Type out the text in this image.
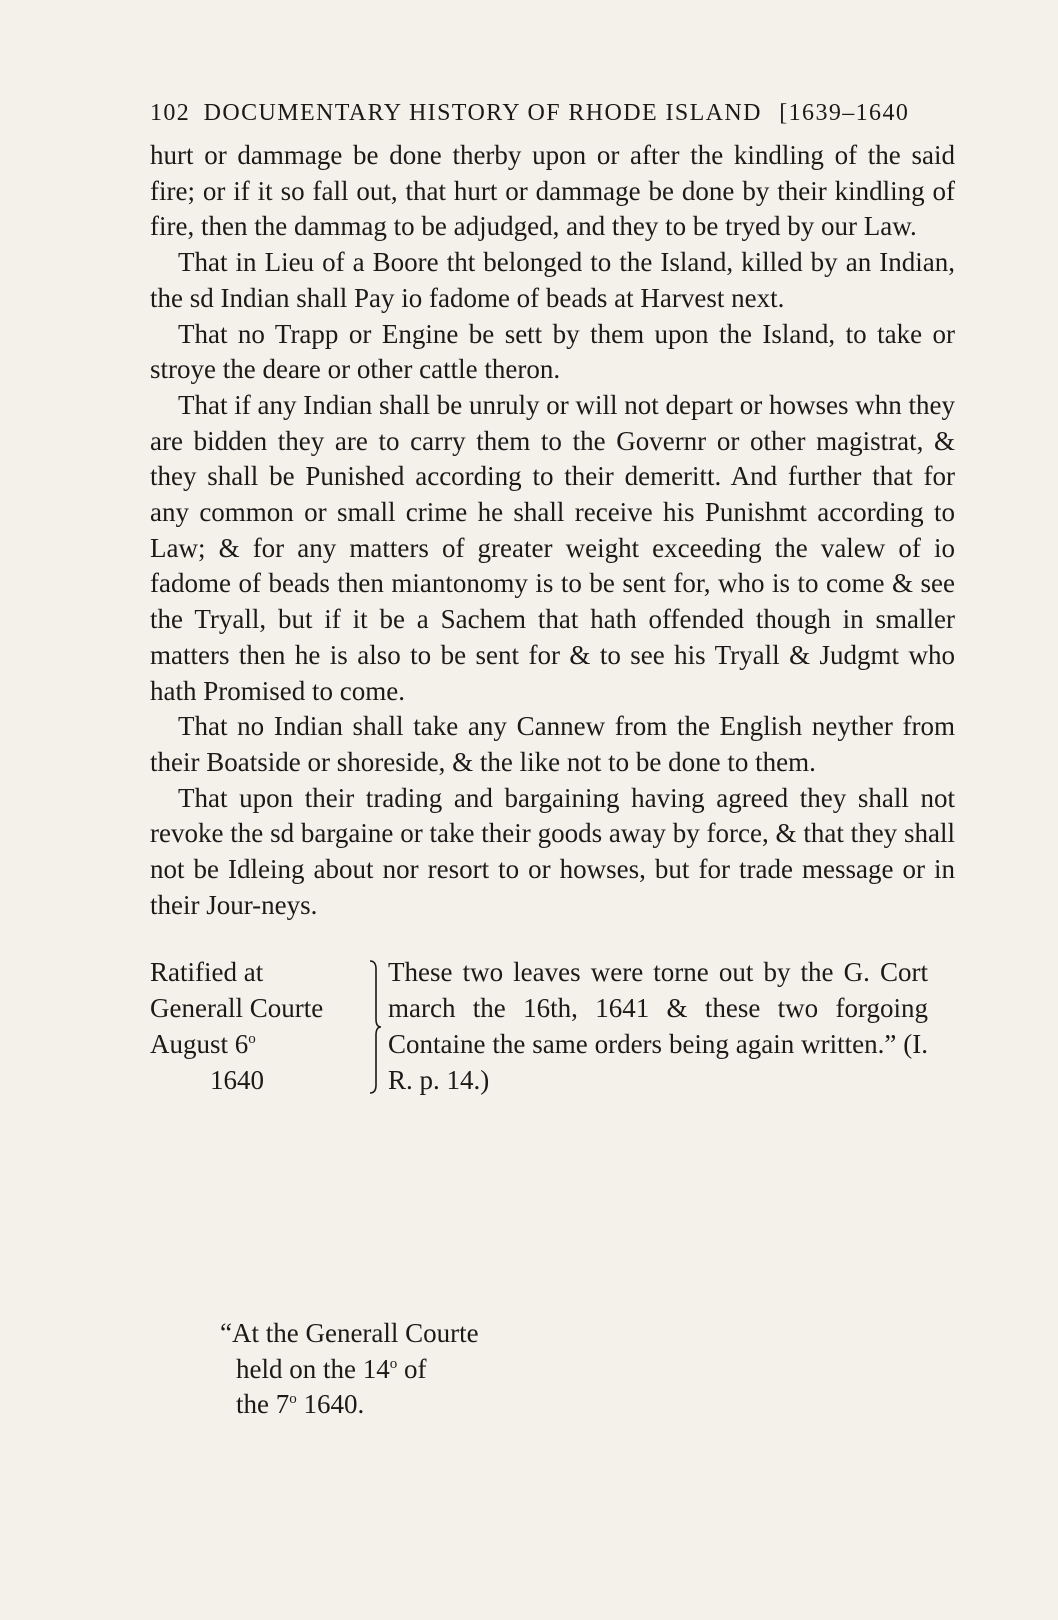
102 DOCUMENTARY HISTORY OF RHODE ISLAND [1639–1640

hurt or dammage be done therby upon or after the kindling of the said fire; or if it so fall out, that hurt or dammage be done by their kindling of fire, then the dammag to be adjudged, and they to be tryed by our Law.

That in Lieu of a Boore tht belonged to the Island, killed by an Indian, the sd Indian shall Pay io fadome of beads at Harvest next.

That no Trapp or Engine be sett by them upon the Island, to take or stroye the deare or other cattle theron.

That if any Indian shall be unruly or will not depart or howses whn they are bidden they are to carry them to the Governr or other magistrat, & they shall be Punished according to their demeritt. And further that for any common or small crime he shall receive his Punishmt according to Law; & for any matters of greater weight exceeding the valew of io fadome of beads then miantonomy is to be sent for, who is to come & see the Tryall, but if it be a Sachem that hath offended though in smaller matters then he is also to be sent for & to see his Tryall & Judgmt who hath Promised to come.

That no Indian shall take any Cannew from the English neyther from their Boatside or shoreside, & the like not to be done to them.

That upon their trading and bargaining having agreed they shall not revoke the sd bargaine or take their goods away by force, & that they shall not be Idleing about nor resort to or howses, but for trade message or in their Jour-neys.

Ratified at
Generall Courte
August 6$^o$
1640
These two leaves were torne out by the G. Cort march the 16th, 1641 & these two forgoing Containe the same orders being again written.” (I. R. p. 14.)
“At the Generall Courte
held on the 14$^o$ of
the 7$^o$ 1640.
